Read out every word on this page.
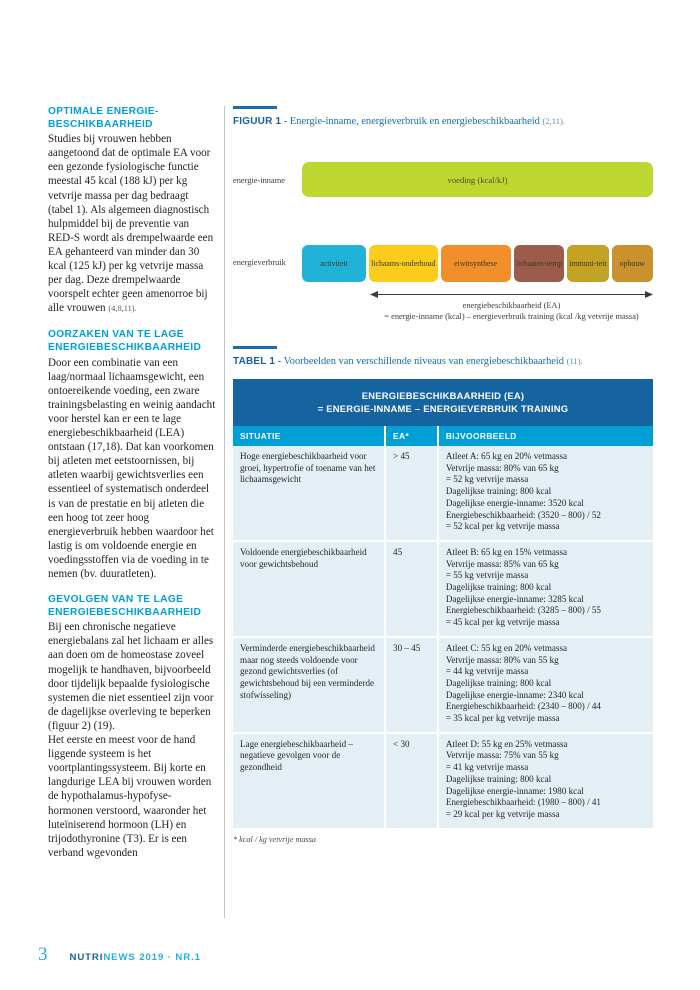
OPTIMALE ENERGIE-BESCHIKBAARHEID

Studies bij vrouwen hebben aangetoond dat de optimale EA voor een gezonde fysiologische functie meestal 45 kcal (188 kJ) per kg vetvrije massa per dag bedraagt (tabel 1). Als algemeen diagnostisch hulpmiddel bij de preventie van RED-S wordt als drempelwaarde een EA gehanteerd van minder dan 30 kcal (125 kJ) per kg vetvrije massa per dag. Deze drempelwaarde voorspelt echter geen amenorroe bij alle vrouwen (4,8,11).

OORZAKEN VAN TE LAGE ENERGIEBESCHIKBAARHEID

Door een combinatie van een laag/normaal lichaamsgewicht, een ontoereikende voeding, een zware trainingsbelasting en weinig aandacht voor herstel kan er een te lage energiebeschikbaarheid (LEA) ontstaan (17,18). Dat kan voorkomen bij atleten met eetstoornissen, bij atleten waarbij gewichtsverlies een essentieel of systematisch onderdeel is van de prestatie en bij atleten die een hoog tot zeer hoog energieverbruik hebben waardoor het lastig is om voldoende energie en voedingsstoffen via de voeding in te nemen (bv. duuratleten).

GEVOLGEN VAN TE LAGE ENERGIEBESCHIKBAARHEID

Bij een chronische negatieve energiebalans zal het lichaam er alles aan doen om de homeostase zoveel mogelijk te handhaven, bijvoorbeeld door tijdelijk bepaalde fysiologische systemen die niet essentieel zijn voor de dagelijkse overleving te beperken (figuur 2) (19).

Het eerste en meest voor de hand liggende systeem is het voortplantingssysteem. Bij korte en langdurige LEA bij vrouwen worden de hypothalamus-hypofyse-hormonen verstoord, waaronder het luteïniserend hormoon (LH) en trijodothyronine (T3). Er is een verband wgevonden

FIGUUR 1 - Energie-inname, energieverbruik en energiebeschikbaarheid (2,11).

energie-inname
energieverbruik
voeding (kcal/kJ)
activiteit	lichaams- onderhoud eiwitsynthese lichaams- temp immuni- teit opbouw
energiebeschikbaarheid (EA)
= energie-inname (kcal) – energieverbruik training (kcal /kg vetvrije massa)

TABEL 1 - Voorbeelden van verschillende niveaus van energiebeschikbaarheid (11).

ENERGIEBESCHIKBAARHEID (EA)
= ENERGIE-INNAME – ENERGIEVERBRUIK TRAINING		

SITUATIE	EA*	BIJVOORBEELD
Hoge energiebeschikbaarheid voor groei, hypertrofie of toename van het lichaamsgewicht	> 45	Atleet A: 65 kg en 20% vetmassa
Vetvrije massa: 80% van 65 kg
= 52 kg vetvrije massa
Dagelijkse training: 800 kcal
Dagelijkse energie-inname: 3520 kcal
Energiebeschikbaarheid: (3520 – 800) / 52
= 52 kcal per kg vetvrije massa

Voldoende energiebeschikbaarheid voor gewichtsbehoud	45	Atleet B: 65 kg en 15% vetmassa
Vetvrije massa: 85% van 65 kg
= 55 kg vetvrije massa
Dagelijkse training: 800 kcal
Dagelijkse energie-inname: 3285 kcal
Energiebeschikbaarheid: (3285 – 800) / 55
= 45 kcal per kg vetvrije massa

Verminderde energiebeschikbaarheid maar nog steeds voldoende voor gezond gewichtsverlies (of gewichtsbehoud bij een verminderde stofwisseling)	30 – 45	Atleet C: 55 kg en 20% vetmassa
Vetvrije massa: 80% van 55 kg
= 44 kg vetvrije massa
Dagelijkse training: 800 kcal
Dagelijkse energie-inname: 2340 kcal
Energiebeschikbaarheid: (2340 – 800) / 44
= 35 kcal per kg vetvrije massa

Lage energiebeschikbaarheid – negatieve gevolgen voor de gezondheid	< 30	Atleet D: 55 kg en 25% vetmassa
Vetvrije massa: 75% van 55 kg
= 41 kg vetvrije massa
Dagelijkse training: 800 kcal
Dagelijkse energie-inname: 1980 kcal
Energiebeschikbaarheid: (1980 – 800) / 41
= 29 kcal per kg vetvrije massa
* kcal / kg vetvrije massa
3 NUTRINEWS 2019 · NR.1
